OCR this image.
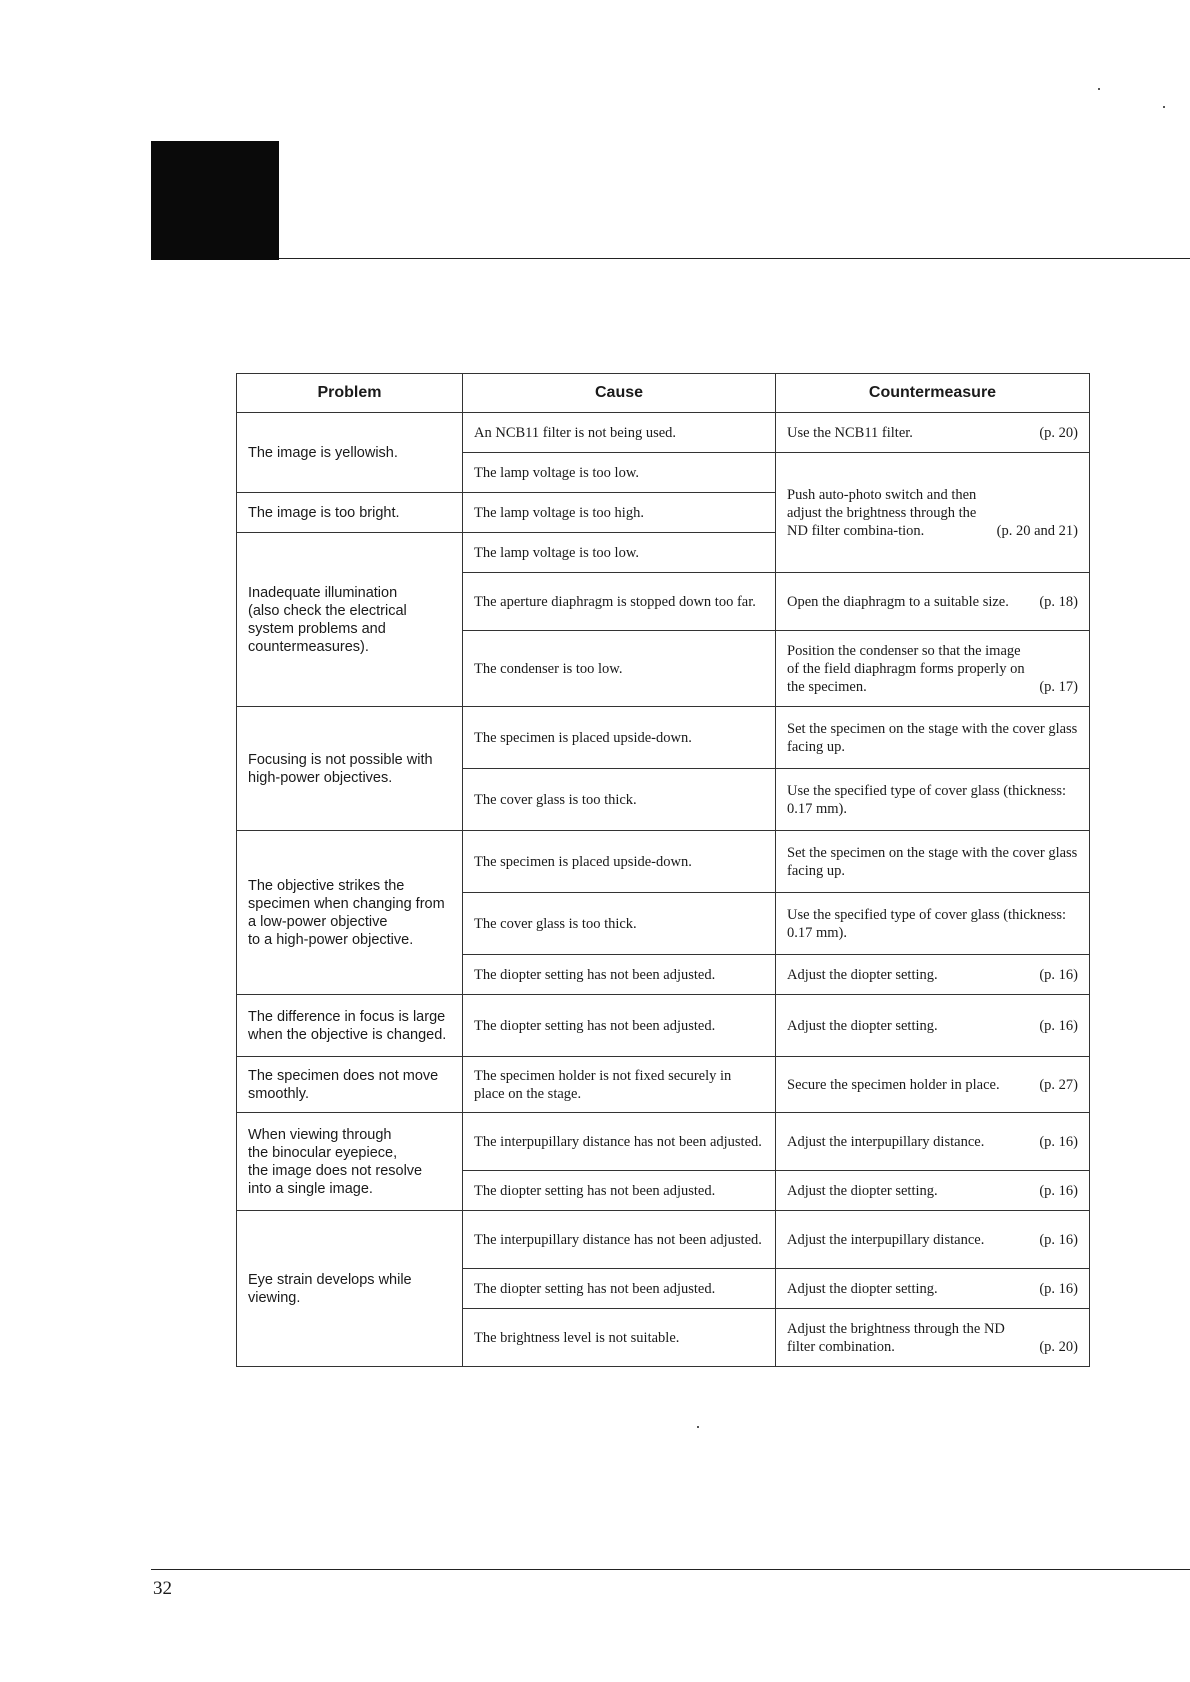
Problem	Cause	Countermeasure
The image is yellowish.	An NCB11 filter is not being used.	Use the NCB11 filter. (p. 20)

	The lamp voltage is too low.	Push auto-photo switch and then adjust the brightness through the ND filter combina-tion. (p. 20 and 21)

The image is too bright.	The lamp voltage is too high.	
Inadequate illumination
(also check the electrical
system problems and
countermeasures).	The lamp voltage is too low.	
	The aperture diaphragm is stopped down too far.	Open the diaphragm to a suitable size. (p. 18)

	The condenser is too low.	Position the condenser so that the image of the field diaphragm forms properly on the specimen. (p. 17)

Focusing is not possible with
high-power objectives.	The specimen is placed upside-down.	Set the specimen on the stage with the cover glass facing up.

	The cover glass is too thick.	Use the specified type of cover glass (thickness: 0.17 mm).

The objective strikes the
specimen when changing from
a low-power objective
to a high-power objective.	The specimen is placed upside-down.	Set the specimen on the stage with the cover glass facing up.

	The cover glass is too thick.	Use the specified type of cover glass (thickness: 0.17 mm).

	The diopter setting has not been adjusted.	Adjust the diopter setting. (p. 16)

The difference in focus is large
when the objective is changed.	The diopter setting has not been adjusted.	Adjust the diopter setting. (p. 16)

The specimen does not move
smoothly.	The specimen holder is not fixed securely in place on the stage.	Secure the specimen holder in place. (p. 27)

When viewing through
the binocular eyepiece,
the image does not resolve
into a single image.	The interpupillary distance has not been adjusted.	Adjust the interpupillary distance. (p. 16)

	The diopter setting has not been adjusted.	Adjust the diopter setting. (p. 16)

Eye strain develops while
viewing.	The interpupillary distance has not been adjusted.	Adjust the interpupillary distance. (p. 16)

	The diopter setting has not been adjusted.	Adjust the diopter setting. (p. 16)

	The brightness level is not suitable.	Adjust the brightness through the ND filter combination. (p. 20)
32
